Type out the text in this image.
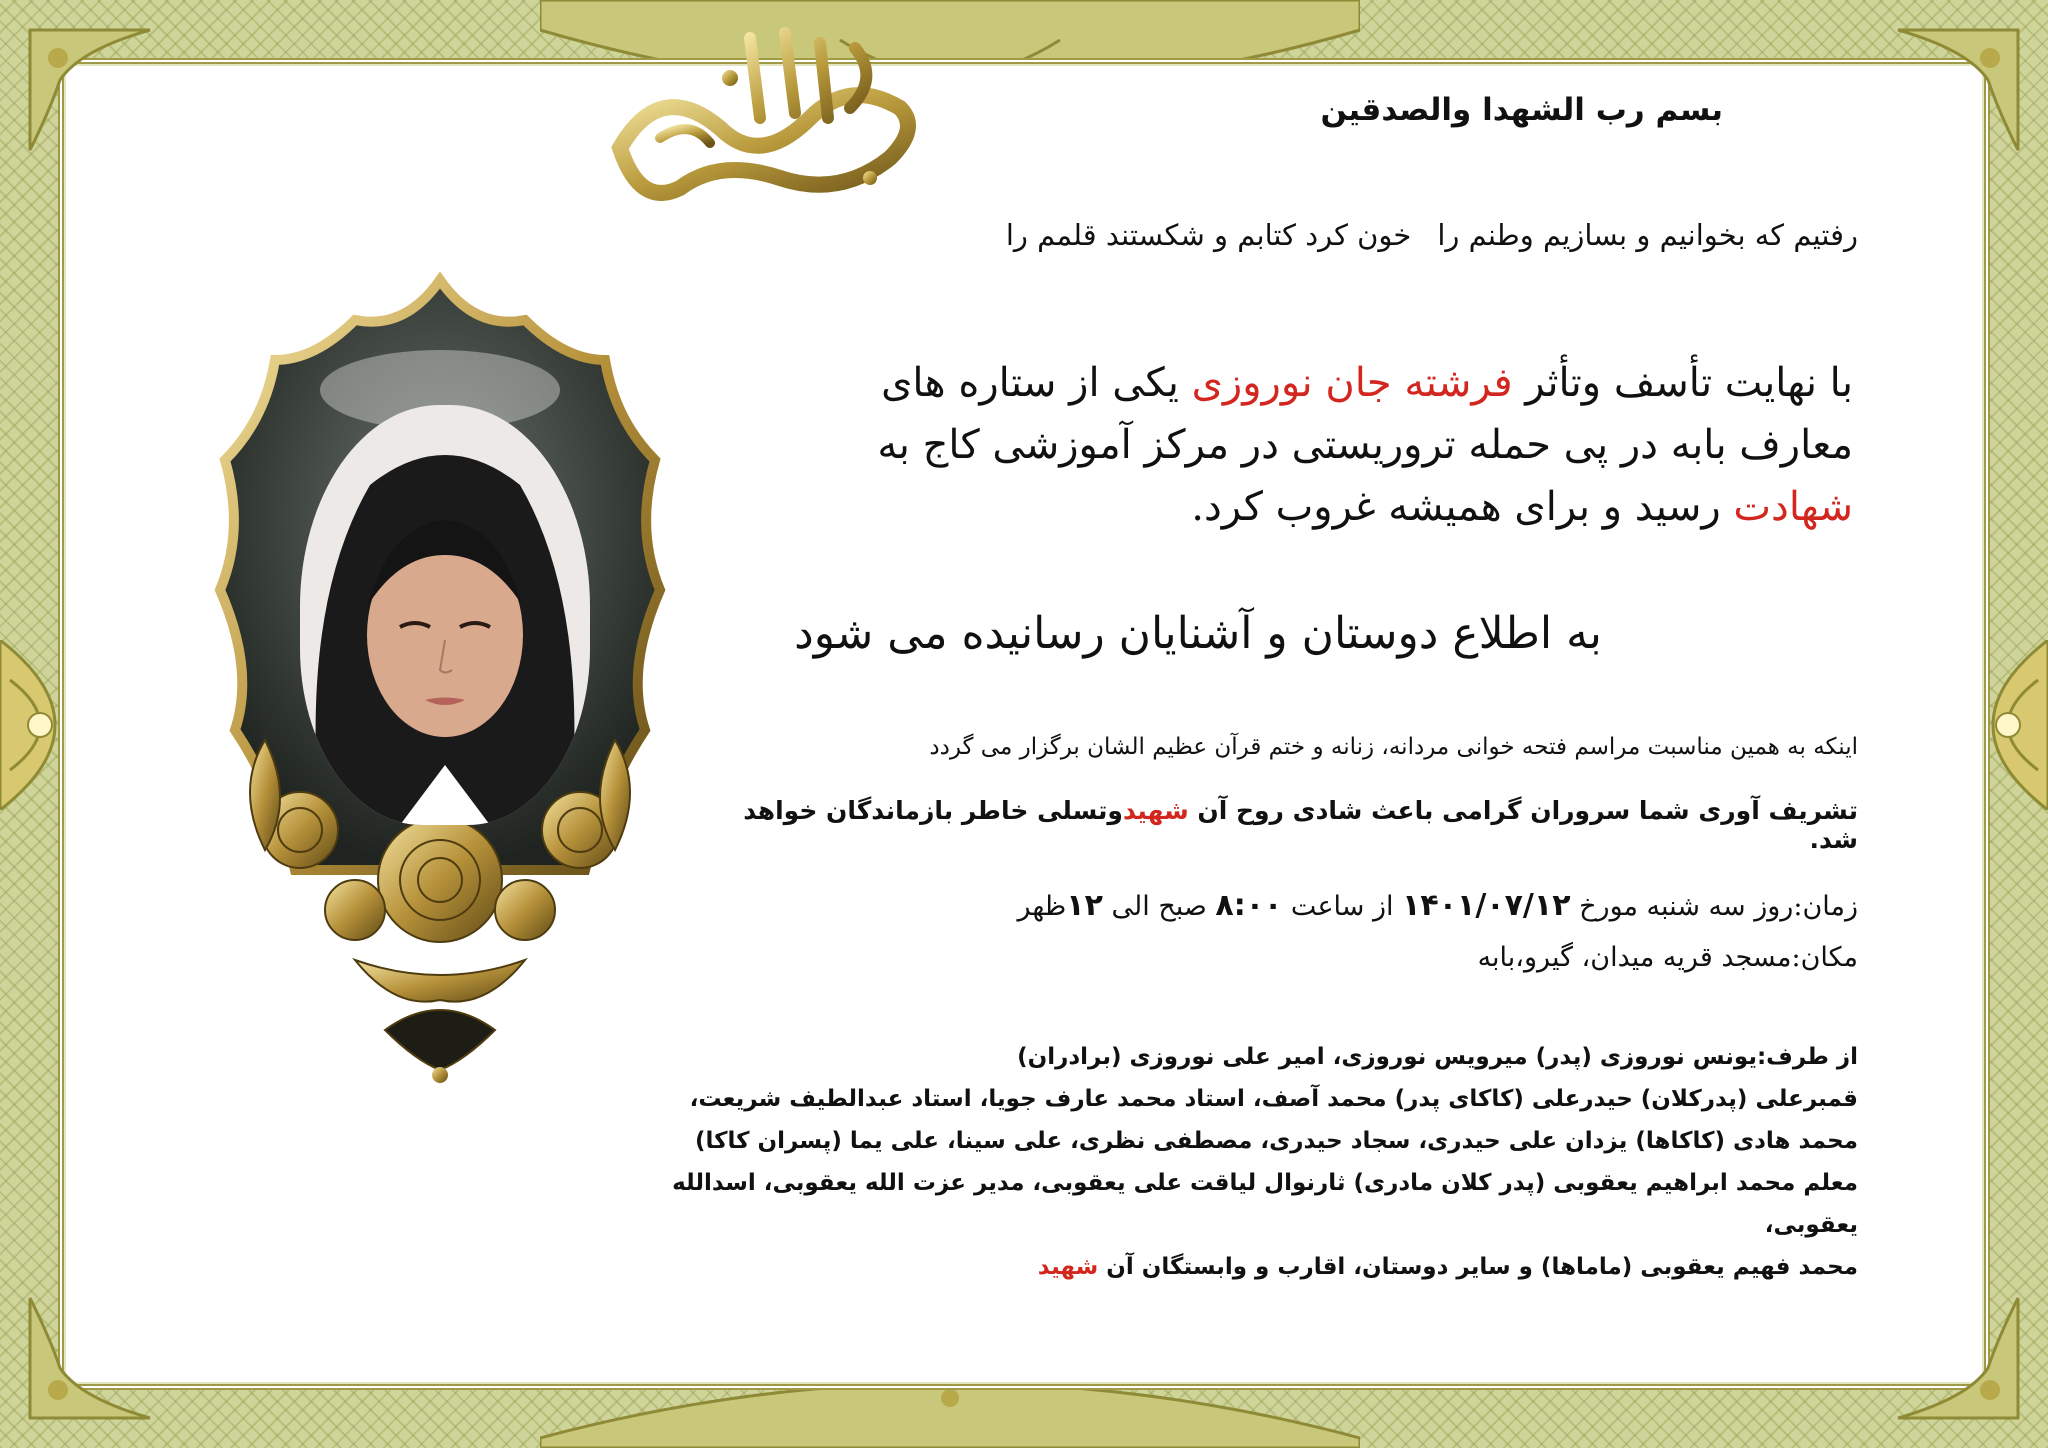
بسم رب الشهدا والصدقین
رفتیم که بخوانیم و بسازیم وطنم راخون کرد کتابم و شکستند قلمم را
با نهایت تأسف وتأثر فرشته جان نوروزی یکی از ستاره های معارف بابه در پی حمله تروریستی در مرکز آموزشی کاج به شهادت رسید و برای همیشه غروب کرد.
به اطلاع دوستان و آشنایان رسانیده می شود
اینکه به همین مناسبت مراسم فتحه خوانی مردانه، زنانه و ختم قرآن عظیم الشان برگزار می گردد
تشریف آوری شما سروران گرامی باعث شادی روح آن شهیدوتسلی خاطر بازماندگان خواهد شد.
زمان:روز سه شنبه مورخ ۱۴۰۱/۰۷/۱۲ از ساعت ۸:۰۰ صبح الی ۱۲ظهر
مکان:مسجد قریه میدان، گیرو،بابه
از طرف:یونس نوروزی (پدر) میرویس نوروزی، امیر علی نوروزی (برادران)
قمبرعلی (پدرکلان) حیدرعلی (کاکای پدر) محمد آصف، استاد محمد عارف جویا، استاد عبدالطیف شریعت،
محمد هادی (کاکاها) یزدان علی حیدری، سجاد حیدری، مصطفی نظری، علی سینا، علی یما (پسران کاکا)
معلم محمد ابراهیم یعقوبی (پدر کلان مادری) ثارنوال لیاقت علی یعقوبی، مدیر عزت الله یعقوبی، اسدالله یعقوبی،
محمد فهیم یعقوبی (ماماها) و سایر دوستان، اقارب و وابستگان آن شهید
